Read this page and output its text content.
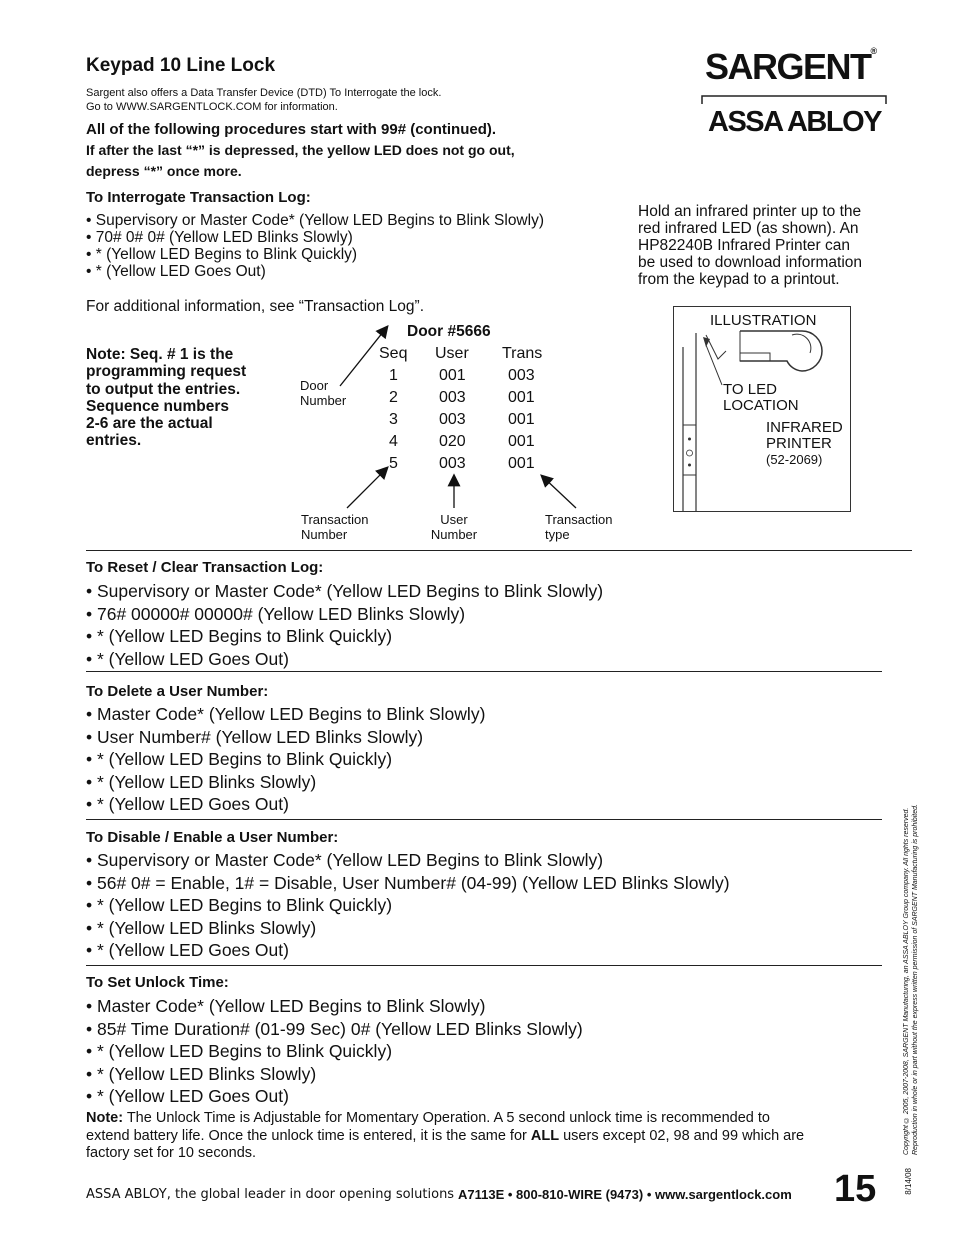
Keypad 10 Line Lock
Sargent also offers a Data Transfer Device (DTD) To Interrogate the lock.
Go to WWW.SARGENTLOCK.COM for information.
SARGENT®
ASSA ABLOY
All of the following procedures start with 99# (continued).
If after the last “*” is depressed, the yellow LED does not go out,
depress “*” once more.
To Interrogate Transaction Log:
• Supervisory or Master Code* (Yellow LED Begins to Blink Slowly)
• 70# 0# 0# (Yellow LED Blinks Slowly)
• * (Yellow LED Begins to Blink Quickly)
• * (Yellow LED Goes Out)
Hold an infrared printer up to the
red infrared LED (as shown). An
HP82240B Infrared Printer can
be used to download information
from the keypad to a printout.
For additional information, see “Transaction Log”.
Note: Seq. # 1 is the
programming request
to output the entries.
Sequence numbers
2-6 are the actual
entries.
Door #5666
Seq User Trans
1	001	003
2	003	001
3	003	001
4	020	001
5	003	001
Door
Number
Transaction
Number
User
Number
Transaction
type
ILLUSTRATION
TO LED
LOCATION
INFRARED
PRINTER
(52-2069)
To Reset / Clear Transaction Log:
• Supervisory or Master Code* (Yellow LED Begins to Blink Slowly)
• 76# 00000# 00000# (Yellow LED Blinks Slowly)
• * (Yellow LED Begins to Blink Quickly)
• * (Yellow LED Goes Out)
To Delete a User Number:
• Master Code* (Yellow LED Begins to Blink Slowly)
• User Number# (Yellow LED Blinks Slowly)
• * (Yellow LED Begins to Blink Quickly)
• * (Yellow LED Blinks Slowly)
• * (Yellow LED Goes Out)
To Disable / Enable a User Number:
• Supervisory or Master Code* (Yellow LED Begins to Blink Slowly)
• 56# 0# = Enable, 1# = Disable, User Number# (04-99) (Yellow LED Blinks Slowly)
• * (Yellow LED Begins to Blink Quickly)
• * (Yellow LED Blinks Slowly)
• * (Yellow LED Goes Out)
To Set Unlock Time:
• Master Code* (Yellow LED Begins to Blink Slowly)
• 85# Time Duration# (01-99 Sec) 0# (Yellow LED Blinks Slowly)
• * (Yellow LED Begins to Blink Quickly)
• * (Yellow LED Blinks Slowly)
• * (Yellow LED Goes Out)
Note: The Unlock Time is Adjustable for Momentary Operation. A 5 second unlock time is recommended to
extend battery life. Once the unlock time is entered, it is the same for ALL users except 02, 98 and 99 which are
factory set for 10 seconds.	Copyright © 2005, 2007-2008, SARGENT Manufacturing, an ASSA ABLOY Group company. All rights reserved. Reproduction in whole or in part without the express written permission of SARGENT Manufacturing is prohibited.
8/14/08
ASSA ABLOY, the global leader in door opening solutions A7113E • 800-810-WIRE (9473) • www.sargentlock.com 15
